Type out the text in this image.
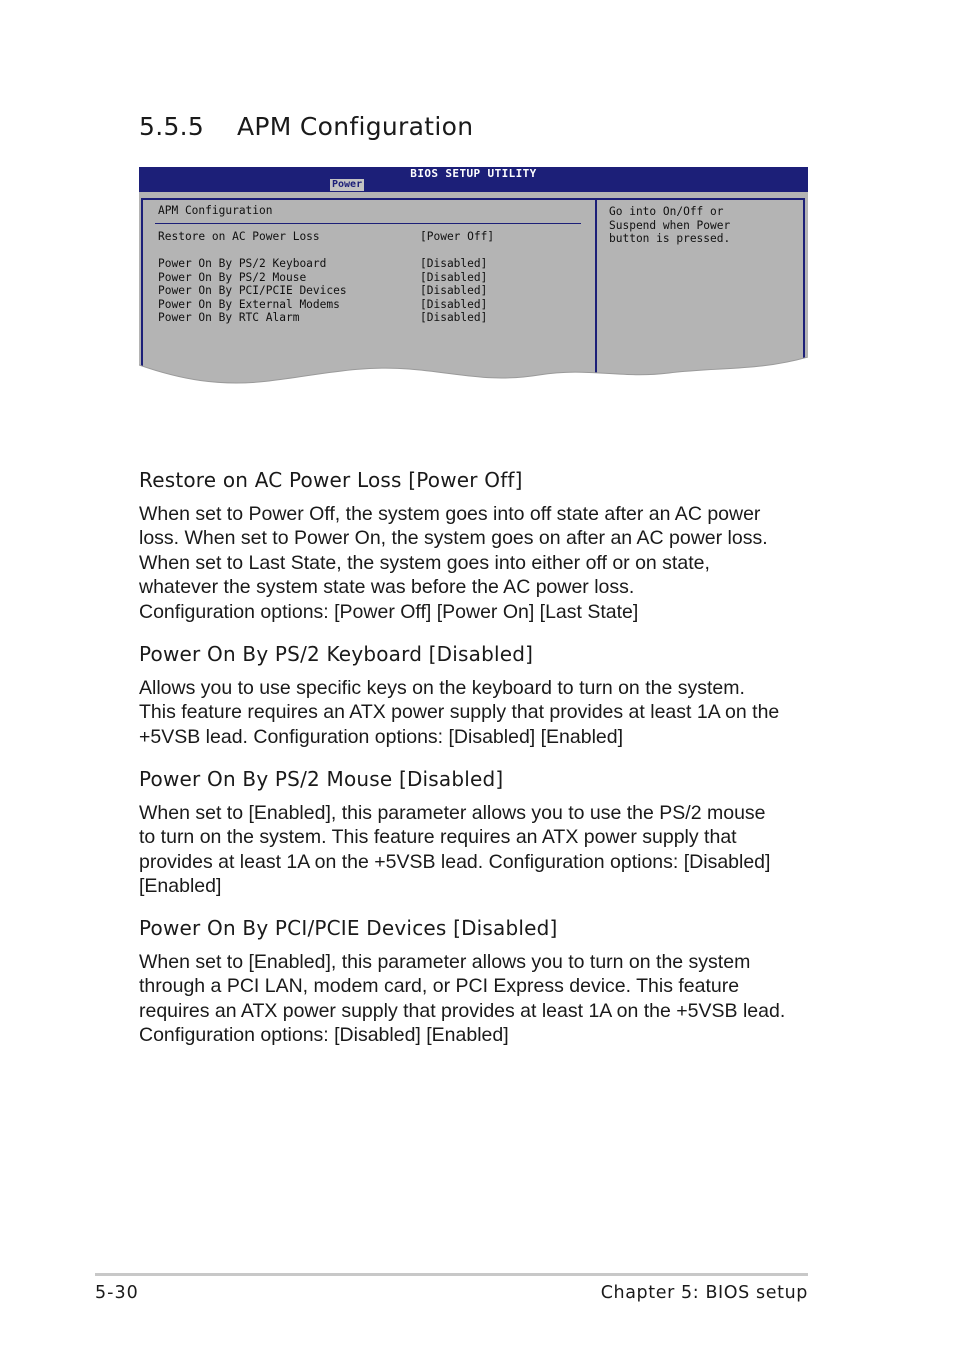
5.5.5 APM Configuration
BIOS SETUP UTILITY
Power
APM Configuration
Restore on AC Power Loss	[Power Off]
Power On By PS/2 Keyboard	[Disabled]
Power On By PS/2 Mouse	[Disabled]
Power On By PCI/PCIE Devices	[Disabled]
Power On By External Modems	[Disabled]
Power On By RTC Alarm	[Disabled]
Go into On/Off or
Suspend when Power
button is pressed.
Restore on AC Power Loss [Power Off]

When set to Power Off, the system goes into off state after an AC power
loss. When set to Power On, the system goes on after an AC power loss.
When set to Last State, the system goes into either off or on state,
whatever the system state was before the AC power loss.
Configuration options: [Power Off] [Power On] [Last State]

Power On By PS/2 Keyboard [Disabled]

Allows you to use specific keys on the keyboard to turn on the system.
This feature requires an ATX power supply that provides at least 1A on the
+5VSB lead. Configuration options: [Disabled] [Enabled]

Power On By PS/2 Mouse [Disabled]

When set to [Enabled], this parameter allows you to use the PS/2 mouse
to turn on the system. This feature requires an ATX power supply that
provides at least 1A on the +5VSB lead. Configuration options: [Disabled]
[Enabled]

Power On By PCI/PCIE Devices [Disabled]

When set to [Enabled], this parameter allows you to turn on the system
through a PCI LAN, modem card, or PCI Express device. This feature
requires an ATX power supply that provides at least 1A on the +5VSB lead.
Configuration options: [Disabled] [Enabled]

5-30	Chapter 5: BIOS setup
